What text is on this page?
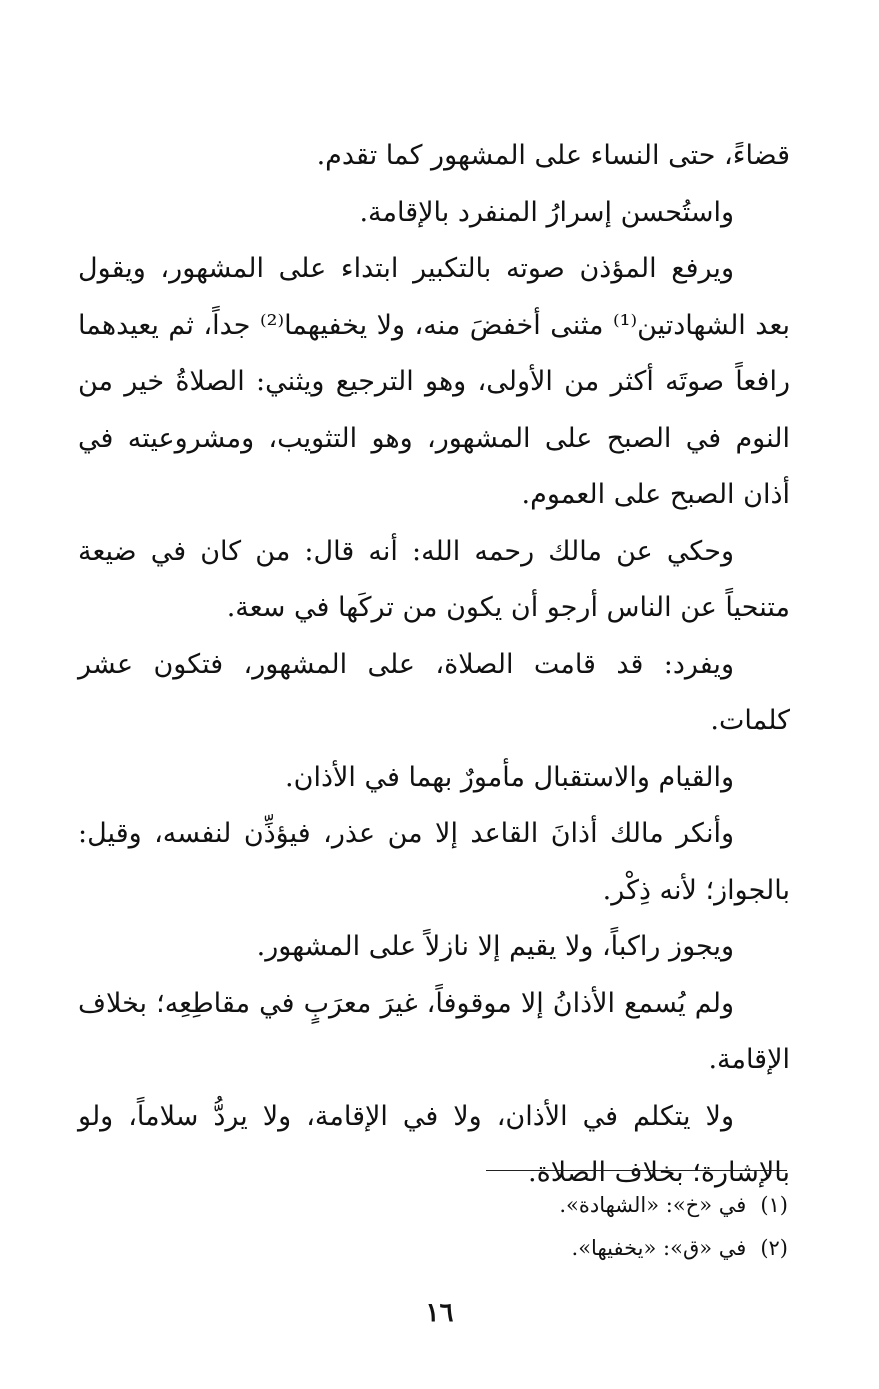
قضاءً، حتى النساء على المشهور كما تقدم.

واستُحسن إسرارُ المنفرد بالإقامة.

ويرفع المؤذن صوته بالتكبير ابتداء على المشهور، ويقول بعد الشهادتين⁽¹⁾ مثنى أخفضَ منه، ولا يخفيهما⁽²⁾ جداً، ثم يعيدهما رافعاً صوتَه أكثر من الأولى، وهو الترجيع ويثني: الصلاةُ خير من النوم في الصبح على المشهور، وهو التثويب، ومشروعيته في أذان الصبح على العموم.

وحكي عن مالك رحمه الله: أنه قال: من كان في ضيعة متنحياً عن الناس أرجو أن يكون من تركَها في سعة.

ويفرد: قد قامت الصلاة، على المشهور، فتكون عشر كلمات.

والقيام والاستقبال مأمورٌ بهما في الأذان.

وأنكر مالك أذانَ القاعد إلا من عذر، فيؤذِّن لنفسه، وقيل: بالجواز؛ لأنه ذِكْر.

ويجوز راكباً، ولا يقيم إلا نازلاً على المشهور.

ولم يُسمع الأذانُ إلا موقوفاً، غيرَ معرَبٍ في مقاطِعِه؛ بخلاف الإقامة.

ولا يتكلم في الأذان، ولا في الإقامة، ولا يردُّ سلاماً، ولو بالإشارة؛ بخلاف الصلاة.

(١)في «خ»: «الشهادة».

(٢)في «ق»: «يخفيها».

١٦
